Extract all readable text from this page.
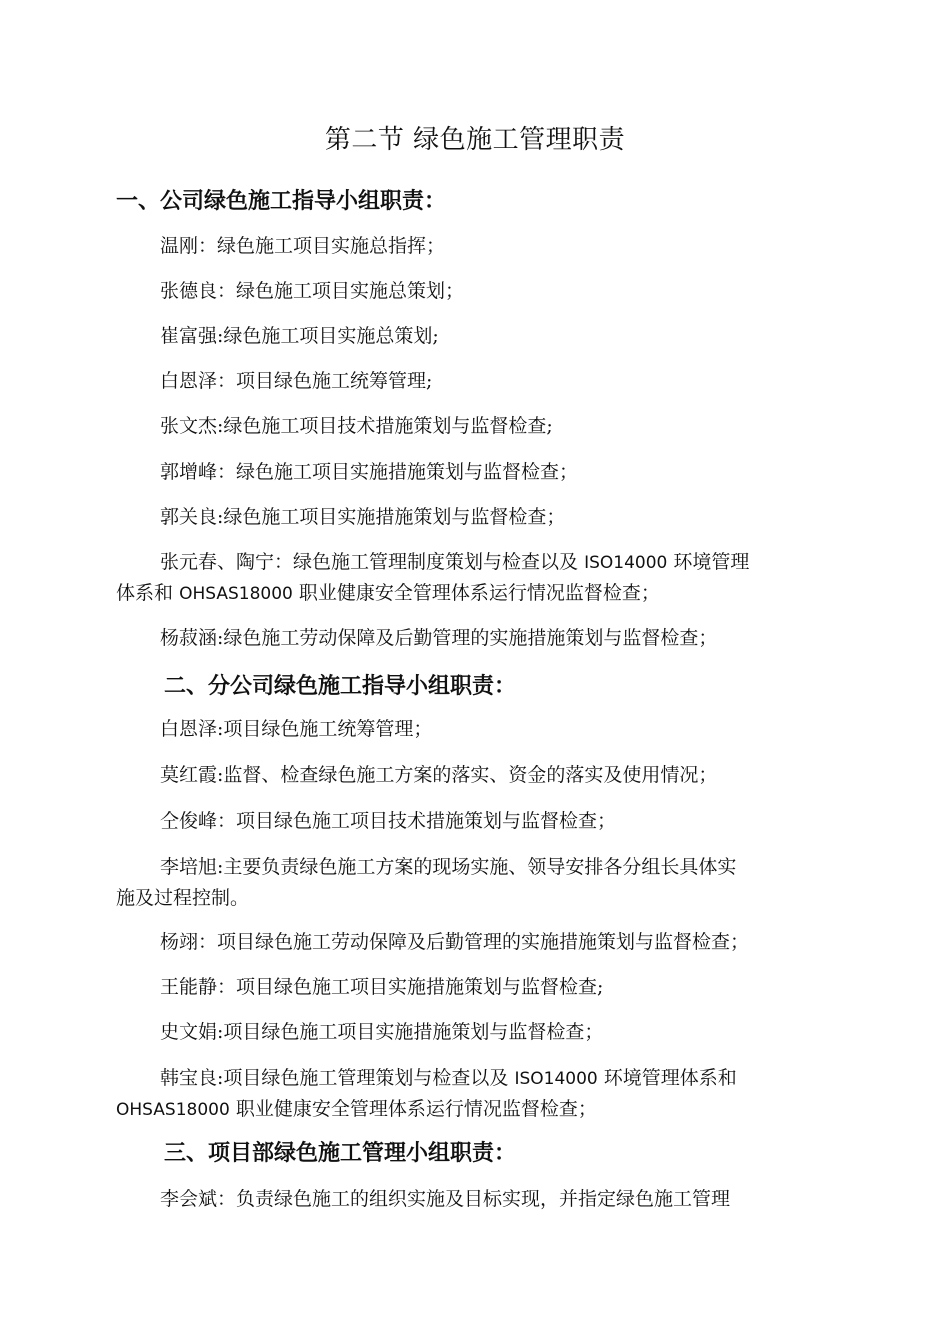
第二节 绿色施工管理职责
一、公司绿色施工指导小组职责：
温刚：绿色施工项目实施总指挥；
张德良：绿色施工项目实施总策划；
崔富强:绿色施工项目实施总策划;
白恩泽：项目绿色施工统筹管理;
张文杰:绿色施工项目技术措施策划与监督检查;
郭增峰：绿色施工项目实施措施策划与监督检查；
郭关良:绿色施工项目实施措施策划与监督检查；
张元春、陶宁：绿色施工管理制度策划与检查以及 ISO14000 环境管理
体系和 OHSAS18000 职业健康安全管理体系运行情况监督检查；
杨菽涵:绿色施工劳动保障及后勤管理的实施措施策划与监督检查；
二、分公司绿色施工指导小组职责：
白恩泽:项目绿色施工统筹管理；
莫红霞:监督、检查绿色施工方案的落实、资金的落实及使用情况；
仝俊峰：项目绿色施工项目技术措施策划与监督检查；
李培旭:主要负责绿色施工方案的现场实施、领导安排各分组长具体实
施及过程控制。
杨翊：项目绿色施工劳动保障及后勤管理的实施措施策划与监督检查；
王能静：项目绿色施工项目实施措施策划与监督检查;
史文娟:项目绿色施工项目实施措施策划与监督检查；
韩宝良:项目绿色施工管理策划与检查以及 ISO14000 环境管理体系和
OHSAS18000 职业健康安全管理体系运行情况监督检查；
三、项目部绿色施工管理小组职责：
李会斌：负责绿色施工的组织实施及目标实现，并指定绿色施工管理
